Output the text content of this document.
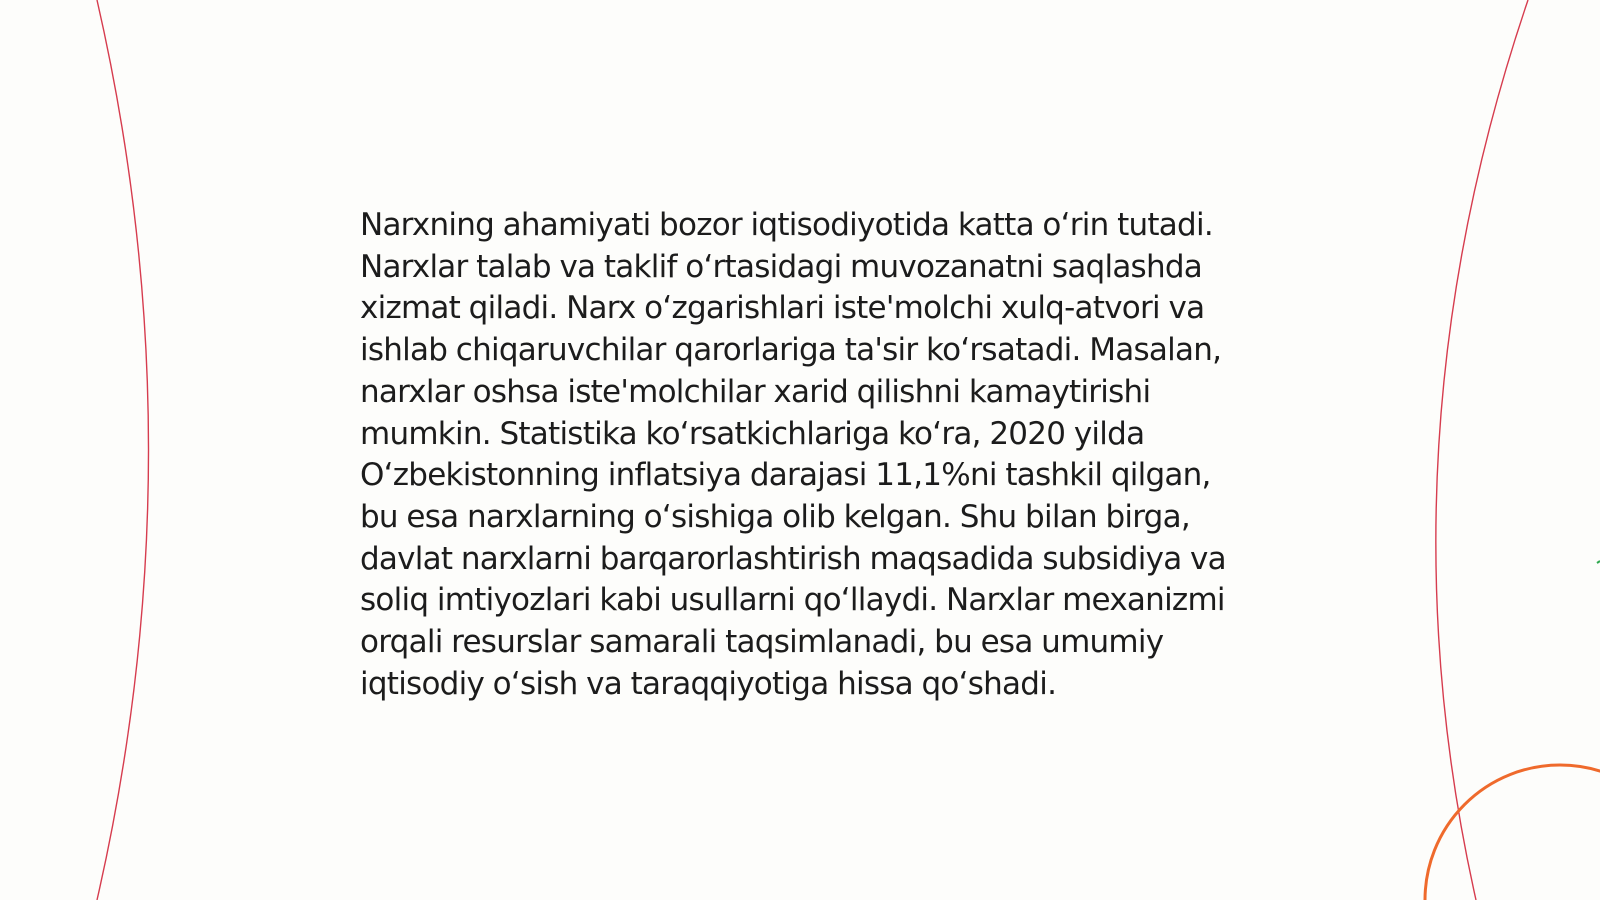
Narxning ahamiyati bozor iqtisodiyotida katta o‘rin tutadi. Narxlar talab va taklif o‘rtasidagi muvozanatni saqlashda xizmat qiladi. Narx o‘zgarishlari iste'molchi xulq-atvori va ishlab chiqaruvchilar qarorlariga ta'sir ko‘rsatadi. Masalan, narxlar oshsa iste'molchilar xarid qilishni kamaytirishi mumkin. Statistika ko‘rsatkichlariga ko‘ra, 2020 yilda O‘zbekistonning inflatsiya darajasi 11,1%ni tashkil qilgan, bu esa narxlarning o‘sishiga olib kelgan. Shu bilan birga, davlat narxlarni barqarorlashtirish maqsadida subsidiya va soliq imtiyozlari kabi usullarni qo‘llaydi. Narxlar mexanizmi orqali resurslar samarali taqsimlanadi, bu esa umumiy iqtisodiy o‘sish va taraqqiyotiga hissa qo‘shadi.
